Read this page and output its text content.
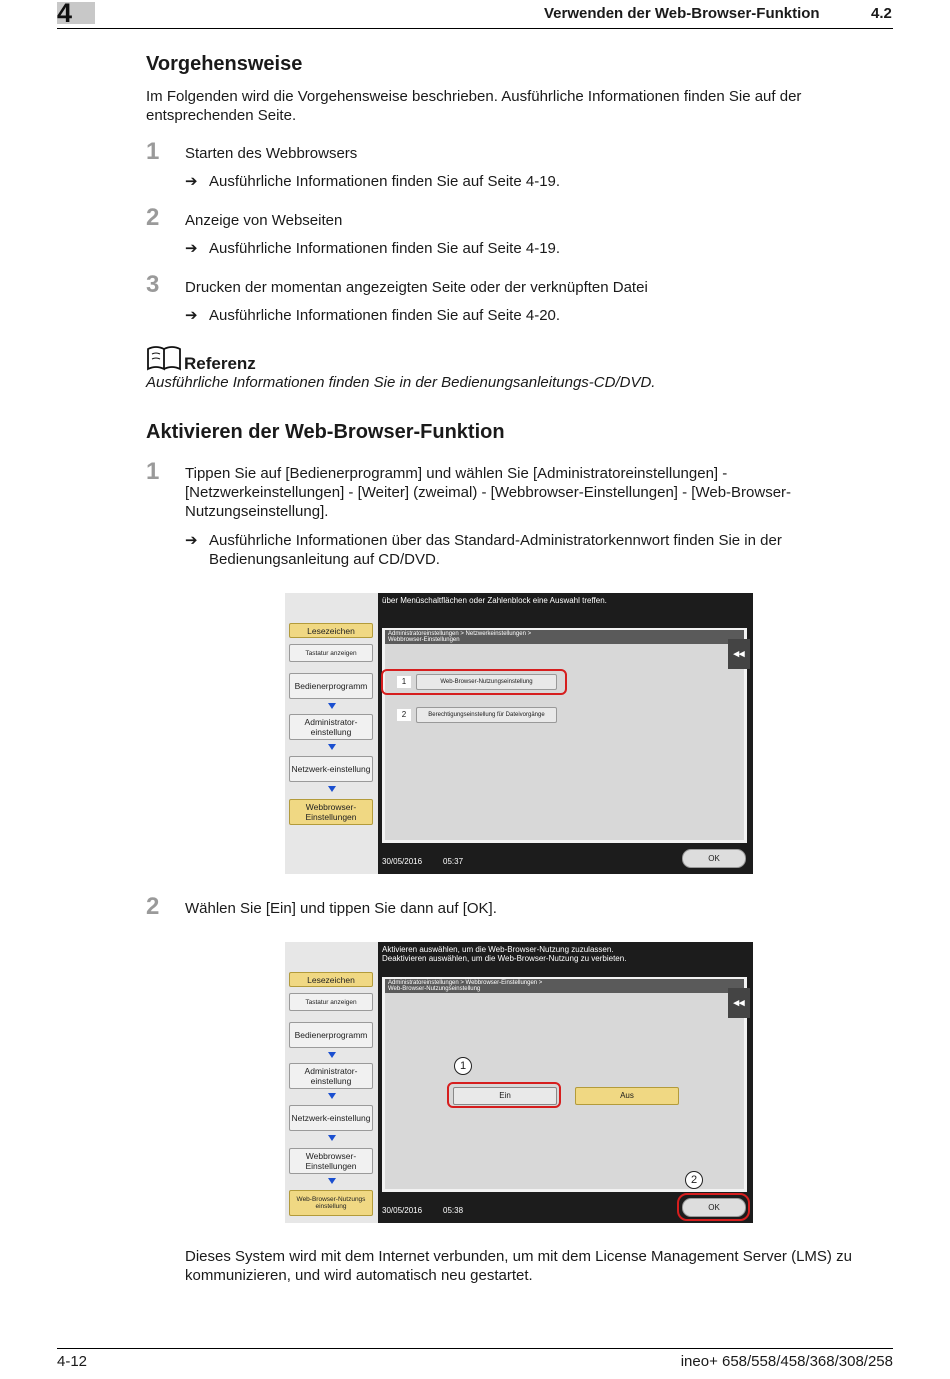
4	Verwenden der Web-Browser-Funktion	4.2
Vorgehensweise
Im Folgenden wird die Vorgehensweise beschrieben. Ausführliche Informationen finden Sie auf der entsprechenden Seite.
1 Starten des Webbrowsers
➔ Ausführliche Informationen finden Sie auf Seite 4-19.
2 Anzeige von Webseiten
➔ Ausführliche Informationen finden Sie auf Seite 4-19.
3 Drucken der momentan angezeigten Seite oder der verknüpften Datei
➔ Ausführliche Informationen finden Sie auf Seite 4-20.
Referenz
Ausführliche Informationen finden Sie in der Bedienungsanleitungs-CD/DVD.
Aktivieren der Web-Browser-Funktion
1 Tippen Sie auf [Bedienerprogramm] und wählen Sie [Administratoreinstellungen] - [Netzwerkeinstellungen] - [Weiter] (zweimal) - [Webbrowser-Einstellungen] - [Web-Browser-Nutzungseinstellung].
➔ Ausführliche Informationen über das Standard-Administratorkennwort finden Sie in der Bedienungsanleitung auf CD/DVD.
Lesezeichen
Tastatur anzeigen
Bedienerprogramm
Administrator-einstellung
Netzwerk-einstellung
Webbrowser-Einstellungen
über Menüschaltflächen oder Zahlenblock eine Auswahl treffen.
Administratoreinstellungen > Netzwerkeinstellungen >
Webbrowser-Einstellungen
◂◂
1	Web-Browser-Nutzungseinstellung
2	Berechtigungseinstellung für Dateivorgänge
30/05/2016	05:37	OK
2 Wählen Sie [Ein] und tippen Sie dann auf [OK].
Lesezeichen
Tastatur anzeigen
Bedienerprogramm
Administrator-einstellung
Netzwerk-einstellung
Webbrowser-Einstellungen
Web-Browser-Nutzungs einstellung
Aktivieren auswählen, um die Web-Browser-Nutzung zuzulassen.
Deaktivieren auswählen, um die Web-Browser-Nutzung zu verbieten.
Administratoreinstellungen > Webbrowser-Einstellungen >
Web-Browser-Nutzungseinstellung
◂◂
1
Ein	Aus
2
30/05/2016	05:38	OK
Dieses System wird mit dem Internet verbunden, um mit dem License Management Server (LMS) zu kommunizieren, und wird automatisch neu gestartet.
4-12	ineo+ 658/558/458/368/308/258
